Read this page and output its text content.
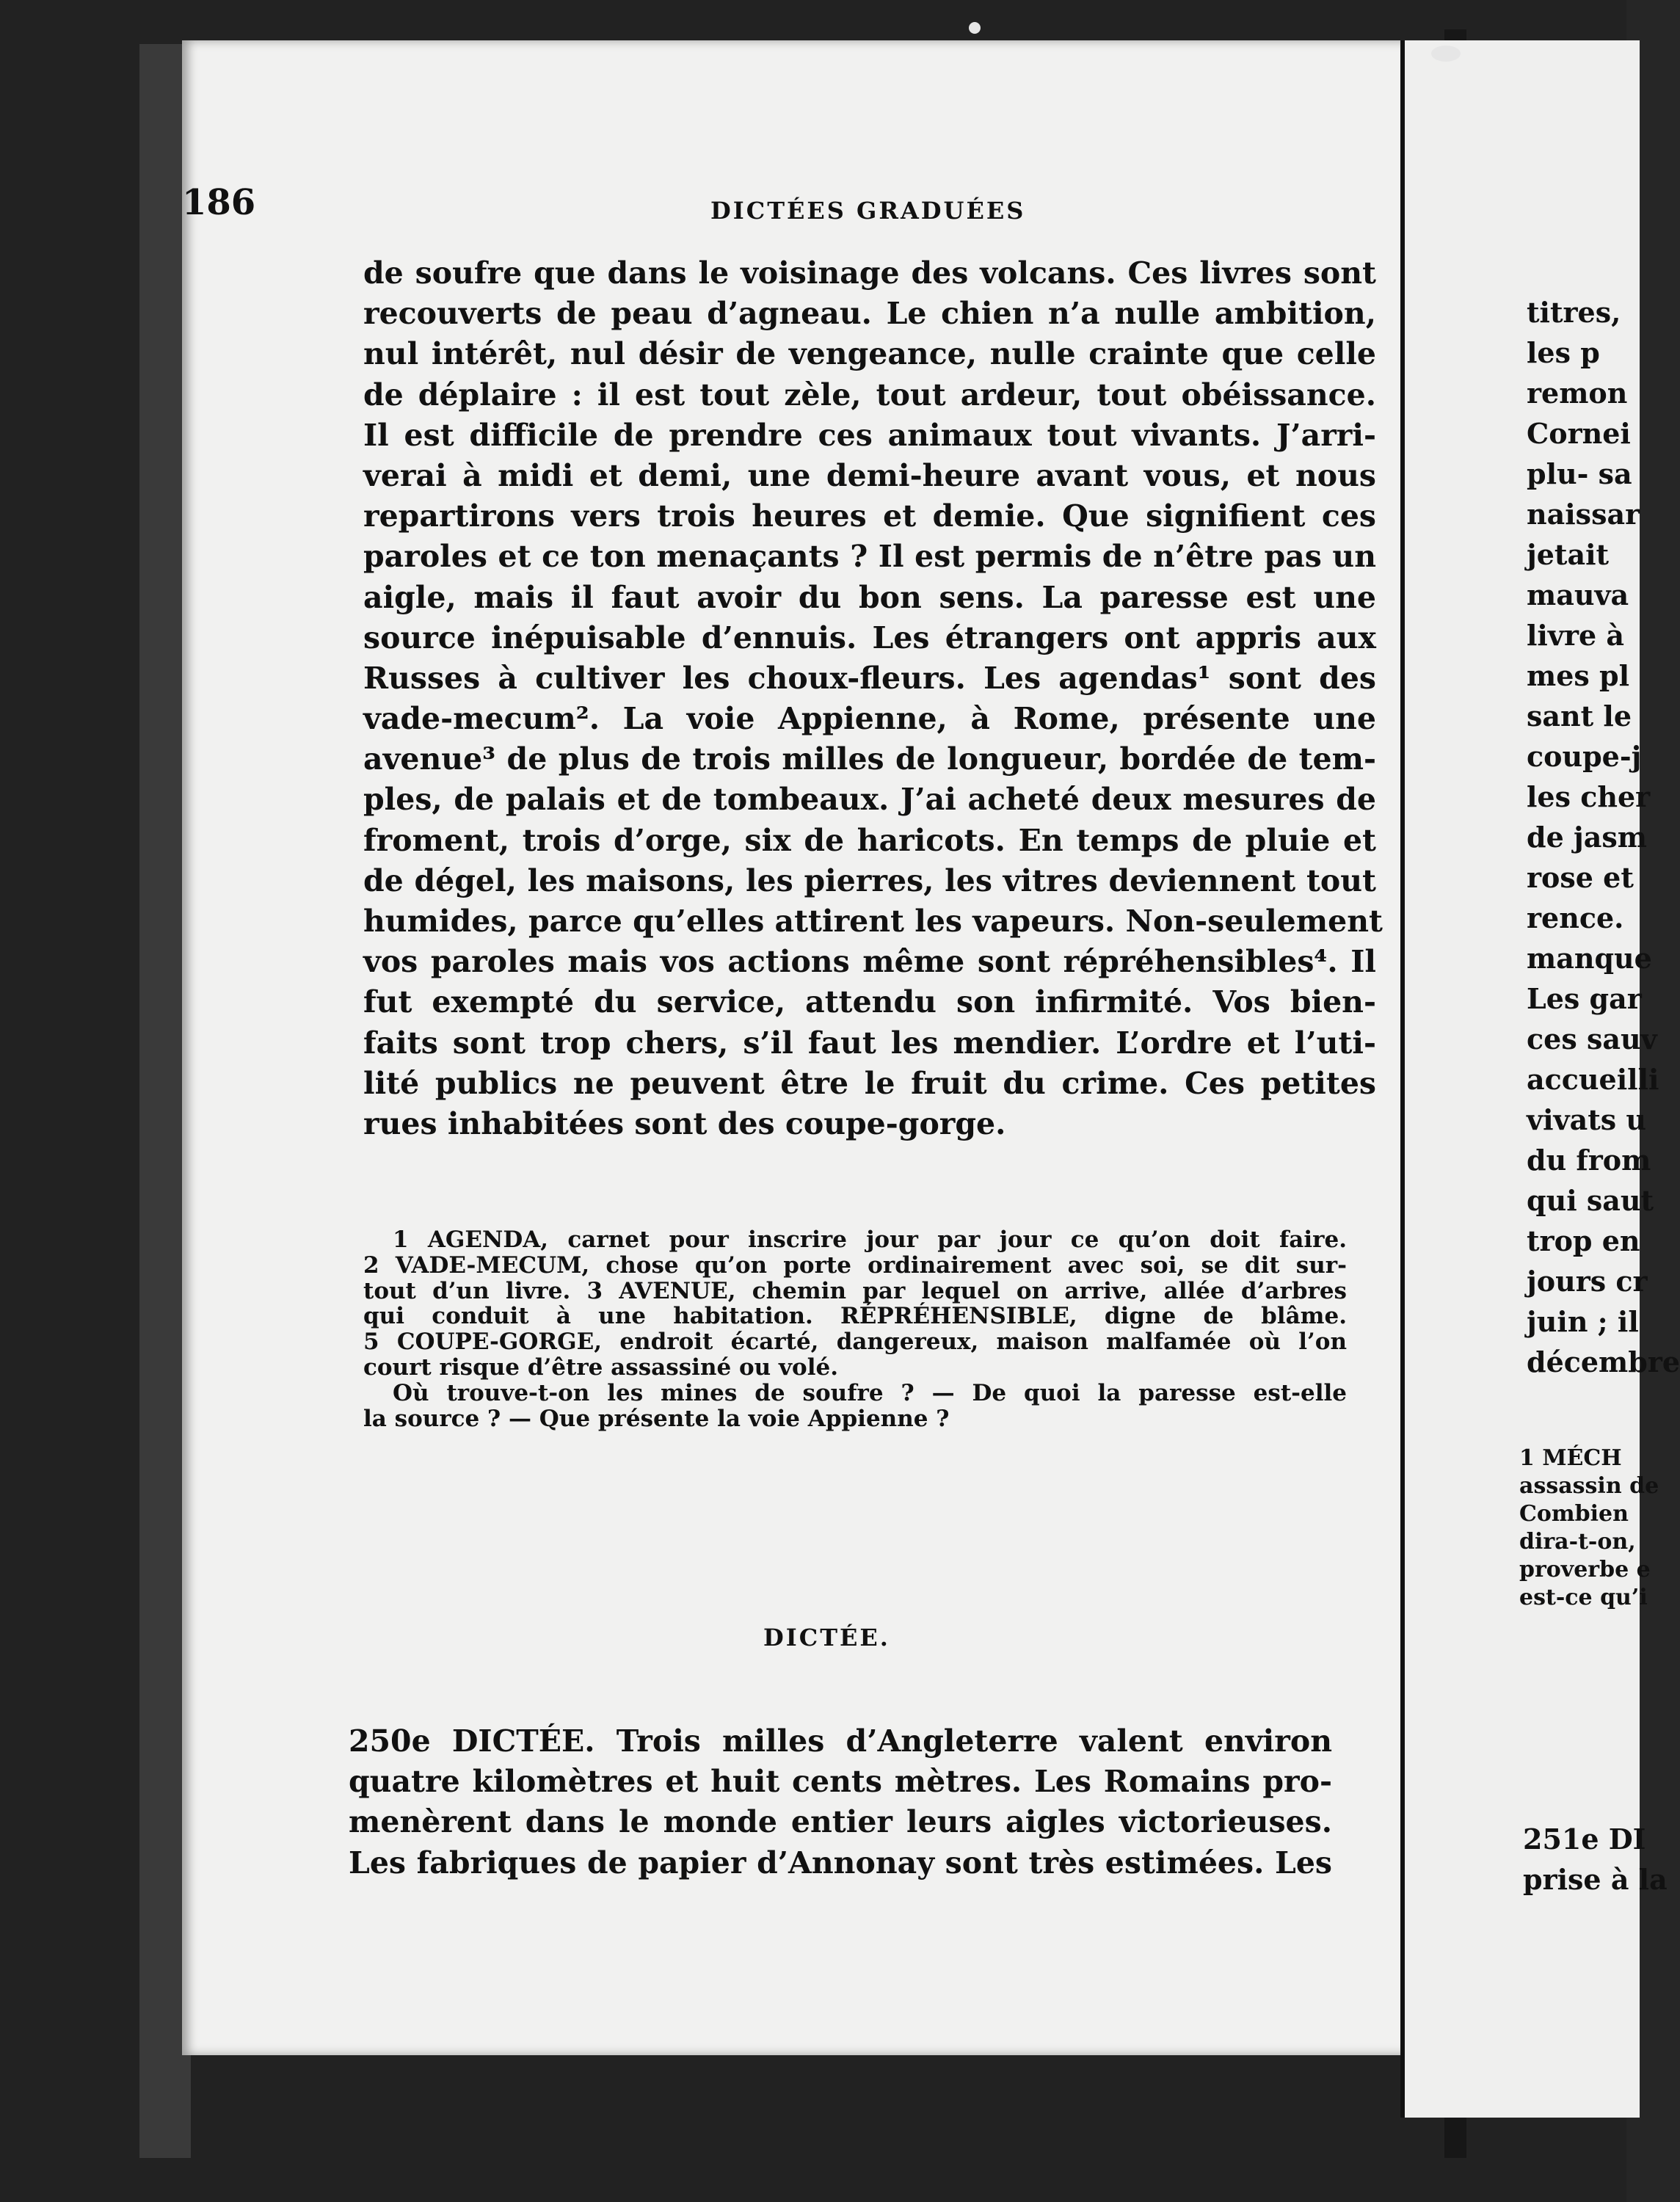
186	DICTÉES GRADUÉES
de soufre que dans le voisinage des volcans. Ces livres sont
recouverts de peau d’agneau. Le chien n’a nulle ambition,
nul intérêt, nul désir de vengeance, nulle crainte que celle
de déplaire : il est tout zèle, tout ardeur, tout obéissance.
Il est difficile de prendre ces animaux tout vivants. J’arri-
verai à midi et demi, une demi-heure avant vous, et nous
repartirons vers trois heures et demie. Que signifient ces
paroles et ce ton menaçants ? Il est permis de n’être pas un
aigle, mais il faut avoir du bon sens. La paresse est une
source inépuisable d’ennuis. Les étrangers ont appris aux
Russes à cultiver les choux-fleurs. Les agendas¹ sont des
vade-mecum². La voie Appienne, à Rome, présente une
avenue³ de plus de trois milles de longueur, bordée de tem-
ples, de palais et de tombeaux. J’ai acheté deux mesures de
froment, trois d’orge, six de haricots. En temps de pluie et
de dégel, les maisons, les pierres, les vitres deviennent tout
humides, parce qu’elles attirent les vapeurs. Non-seulement
vos paroles mais vos actions même sont répréhensibles⁴. Il
fut exempté du service, attendu son infirmité. Vos bien-
faits sont trop chers, s’il faut les mendier. L’ordre et l’uti-
lité publics ne peuvent être le fruit du crime. Ces petites
rues inhabitées sont des coupe-gorge.
1 AGENDA, carnet pour inscrire jour par jour ce qu’on doit faire.
2 VADE-MECUM, chose qu’on porte ordinairement avec soi, se dit sur-
tout d’un livre. 3 AVENUE, chemin par lequel on arrive, allée d’arbres
qui conduit à une habitation. RÉPRÉHENSIBLE, digne de blâme.
5 COUPE-GORGE, endroit écarté, dangereux, maison malfamée où l’on
court risque d’être assassiné ou volé.
Où trouve-t-on les mines de soufre ? — De quoi la paresse est-elle
la source ? — Que présente la voie Appienne ?
DICTÉE.
250e DICTÉE. Trois milles d’Angleterre valent environ
quatre kilomètres et huit cents mètres. Les Romains pro-
menèrent dans le monde entier leurs aigles victorieuses.
Les fabriques de papier d’Annonay sont très estimées. Les
titres,
les p
remon
Cornei
plu- sa
naissar
jetait
mauva
livre à
mes pl
sant le
coupe-j
les cher
de jasm
rose et
rence.
manque
Les gar
ces sauv
accueilli
vivats u
du from
qui saut
trop en
jours cr
juin ; il
décembre
1 MÉCH
assassin de
Combien
dira-t-on,
proverbe e
est-ce qu’i
251e DI
prise à la
